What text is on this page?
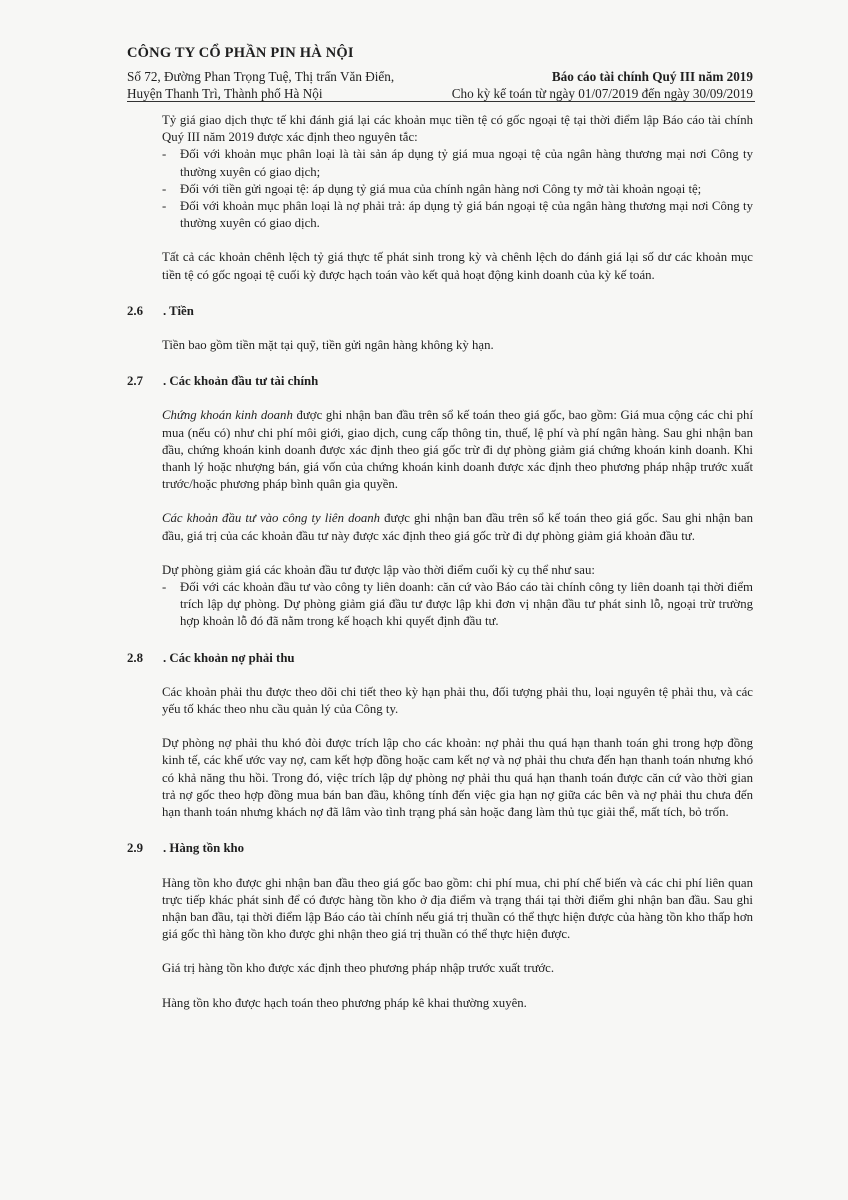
CÔNG TY CỔ PHẦN PIN HÀ NỘI
Số 72, Đường Phan Trọng Tuệ, Thị trấn Văn Điển,
Huyện Thanh Trì, Thành phố Hà Nội
Báo cáo tài chính Quý III năm 2019
Cho kỳ kế toán từ ngày 01/07/2019 đến ngày 30/09/2019

Tỷ giá giao dịch thực tế khi đánh giá lại các khoản mục tiền tệ có gốc ngoại tệ tại thời điểm lập Báo cáo tài chính Quý III năm 2019 được xác định theo nguyên tắc:

- Đối với khoản mục phân loại là tài sản áp dụng tỷ giá mua ngoại tệ của ngân hàng thương mại nơi Công ty thường xuyên có giao dịch;
- Đối với tiền gửi ngoại tệ: áp dụng tỷ giá mua của chính ngân hàng nơi Công ty mở tài khoản ngoại tệ;
- Đối với khoản mục phân loại là nợ phải trả: áp dụng tỷ giá bán ngoại tệ của ngân hàng thương mại nơi Công ty thường xuyên có giao dịch.

Tất cả các khoản chênh lệch tỷ giá thực tế phát sinh trong kỳ và chênh lệch do đánh giá lại số dư các khoản mục tiền tệ có gốc ngoại tệ cuối kỳ được hạch toán vào kết quả hoạt động kinh doanh của kỳ kế toán.

2.6	. Tiền

Tiền bao gồm tiền mặt tại quỹ, tiền gửi ngân hàng không kỳ hạn.

2.7	. Các khoản đầu tư tài chính

Chứng khoán kinh doanh được ghi nhận ban đầu trên sổ kế toán theo giá gốc, bao gồm: Giá mua cộng các chi phí mua (nếu có) như chi phí môi giới, giao dịch, cung cấp thông tin, thuế, lệ phí và phí ngân hàng. Sau ghi nhận ban đầu, chứng khoán kinh doanh được xác định theo giá gốc trừ đi dự phòng giảm giá chứng khoán kinh doanh. Khi thanh lý hoặc nhượng bán, giá vốn của chứng khoán kinh doanh được xác định theo phương pháp nhập trước xuất trước/hoặc phương pháp bình quân gia quyền.

Các khoản đầu tư vào công ty liên doanh được ghi nhận ban đầu trên sổ kế toán theo giá gốc. Sau ghi nhận ban đầu, giá trị của các khoản đầu tư này được xác định theo giá gốc trừ đi dự phòng giảm giá khoản đầu tư.

Dự phòng giảm giá các khoản đầu tư được lập vào thời điểm cuối kỳ cụ thể như sau:

- Đối với các khoản đầu tư vào công ty liên doanh: căn cứ vào Báo cáo tài chính công ty liên doanh tại thời điểm trích lập dự phòng. Dự phòng giảm giá đầu tư được lập khi đơn vị nhận đầu tư phát sinh lỗ, ngoại trừ trường hợp khoản lỗ đó đã nằm trong kế hoạch khi quyết định đầu tư.
2.8	. Các khoản nợ phải thu

Các khoản phải thu được theo dõi chi tiết theo kỳ hạn phải thu, đối tượng phải thu, loại nguyên tệ phải thu, và các yếu tố khác theo nhu cầu quản lý của Công ty.

Dự phòng nợ phải thu khó đòi được trích lập cho các khoản: nợ phải thu quá hạn thanh toán ghi trong hợp đồng kinh tế, các khế ước vay nợ, cam kết hợp đồng hoặc cam kết nợ và nợ phải thu chưa đến hạn thanh toán nhưng khó có khả năng thu hồi. Trong đó, việc trích lập dự phòng nợ phải thu quá hạn thanh toán được căn cứ vào thời gian trả nợ gốc theo hợp đồng mua bán ban đầu, không tính đến việc gia hạn nợ giữa các bên và nợ phải thu chưa đến hạn thanh toán nhưng khách nợ đã lâm vào tình trạng phá sản hoặc đang làm thủ tục giải thể, mất tích, bỏ trốn.

2.9	. Hàng tồn kho

Hàng tồn kho được ghi nhận ban đầu theo giá gốc bao gồm: chi phí mua, chi phí chế biến và các chi phí liên quan trực tiếp khác phát sinh để có được hàng tồn kho ở địa điểm và trạng thái tại thời điểm ghi nhận ban đầu. Sau ghi nhận ban đầu, tại thời điểm lập Báo cáo tài chính nếu giá trị thuần có thể thực hiện được của hàng tồn kho thấp hơn giá gốc thì hàng tồn kho được ghi nhận theo giá trị thuần có thể thực hiện được.

Giá trị hàng tồn kho được xác định theo phương pháp nhập trước xuất trước.

Hàng tồn kho được hạch toán theo phương pháp kê khai thường xuyên.
